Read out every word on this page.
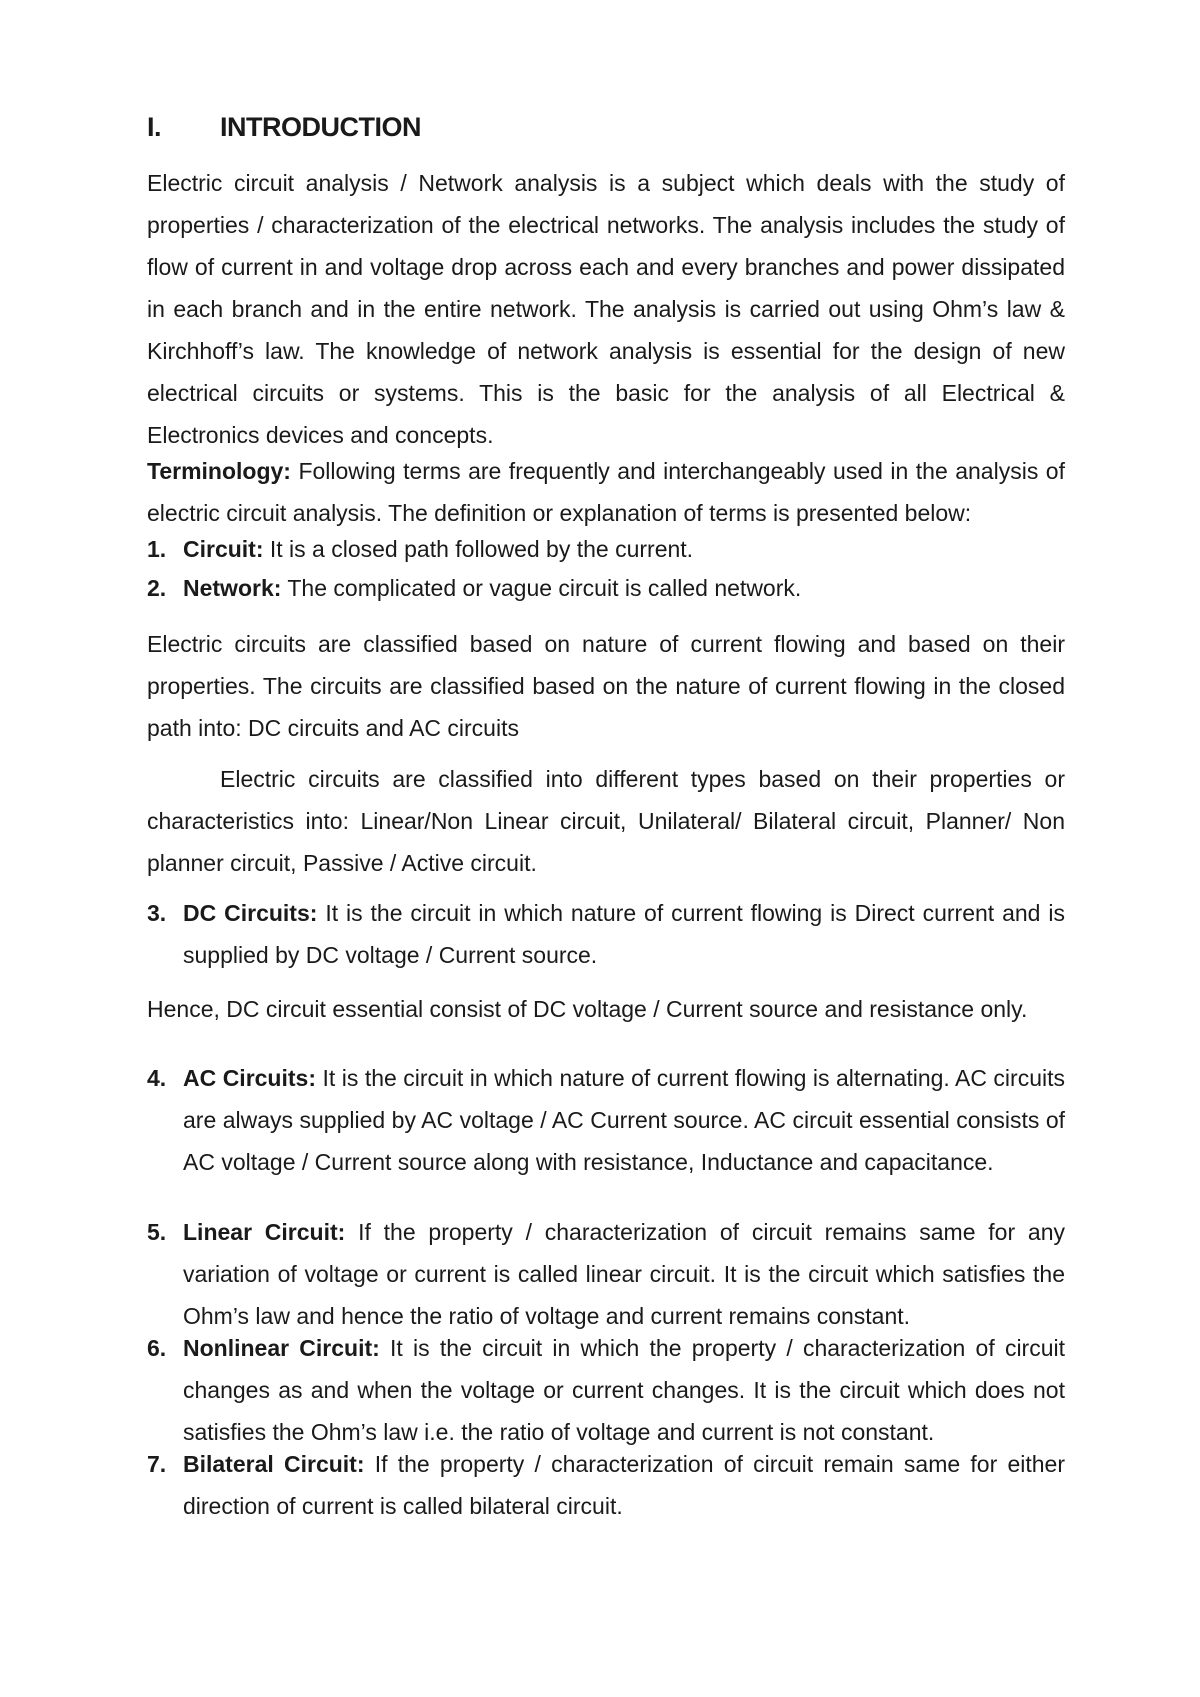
I. INTRODUCTION

Electric circuit analysis / Network analysis is a subject which deals with the study of properties / characterization of the electrical networks. The analysis includes the study of flow of current in and voltage drop across each and every branches and power dissipated in each branch and in the entire network. The analysis is carried out using Ohm’s law & Kirchhoff’s law. The knowledge of network analysis is essential for the design of new electrical circuits or systems. This is the basic for the analysis of all Electrical & Electronics devices and concepts.

Terminology: Following terms are frequently and interchangeably used in the analysis of electric circuit analysis. The definition or explanation of terms is presented below:

1. Circuit: It is a closed path followed by the current.
2. Network: The complicated or vague circuit is called network.

Electric circuits are classified based on nature of current flowing and based on their properties. The circuits are classified based on the nature of current flowing in the closed path into: DC circuits and AC circuits

Electric circuits are classified into different types based on their properties or characteristics into: Linear/Non Linear circuit, Unilateral/ Bilateral circuit, Planner/ Non planner circuit, Passive / Active circuit.

3. DC Circuits: It is the circuit in which nature of current flowing is Direct current and is supplied by DC voltage / Current source.

Hence, DC circuit essential consist of DC voltage / Current source and resistance only.

4. AC Circuits: It is the circuit in which nature of current flowing is alternating. AC circuits are always supplied by AC voltage / AC Current source. AC circuit essential consists of AC voltage / Current source along with resistance, Inductance and capacitance.
5. Linear Circuit: If the property / characterization of circuit remains same for any variation of voltage or current is called linear circuit. It is the circuit which satisfies the Ohm’s law and hence the ratio of voltage and current remains constant.
6. Nonlinear Circuit: It is the circuit in which the property / characterization of circuit changes as and when the voltage or current changes. It is the circuit which does not satisfies the Ohm’s law i.e. the ratio of voltage and current is not constant.
7. Bilateral Circuit: If the property / characterization of circuit remain same for either direction of current is called bilateral circuit.
